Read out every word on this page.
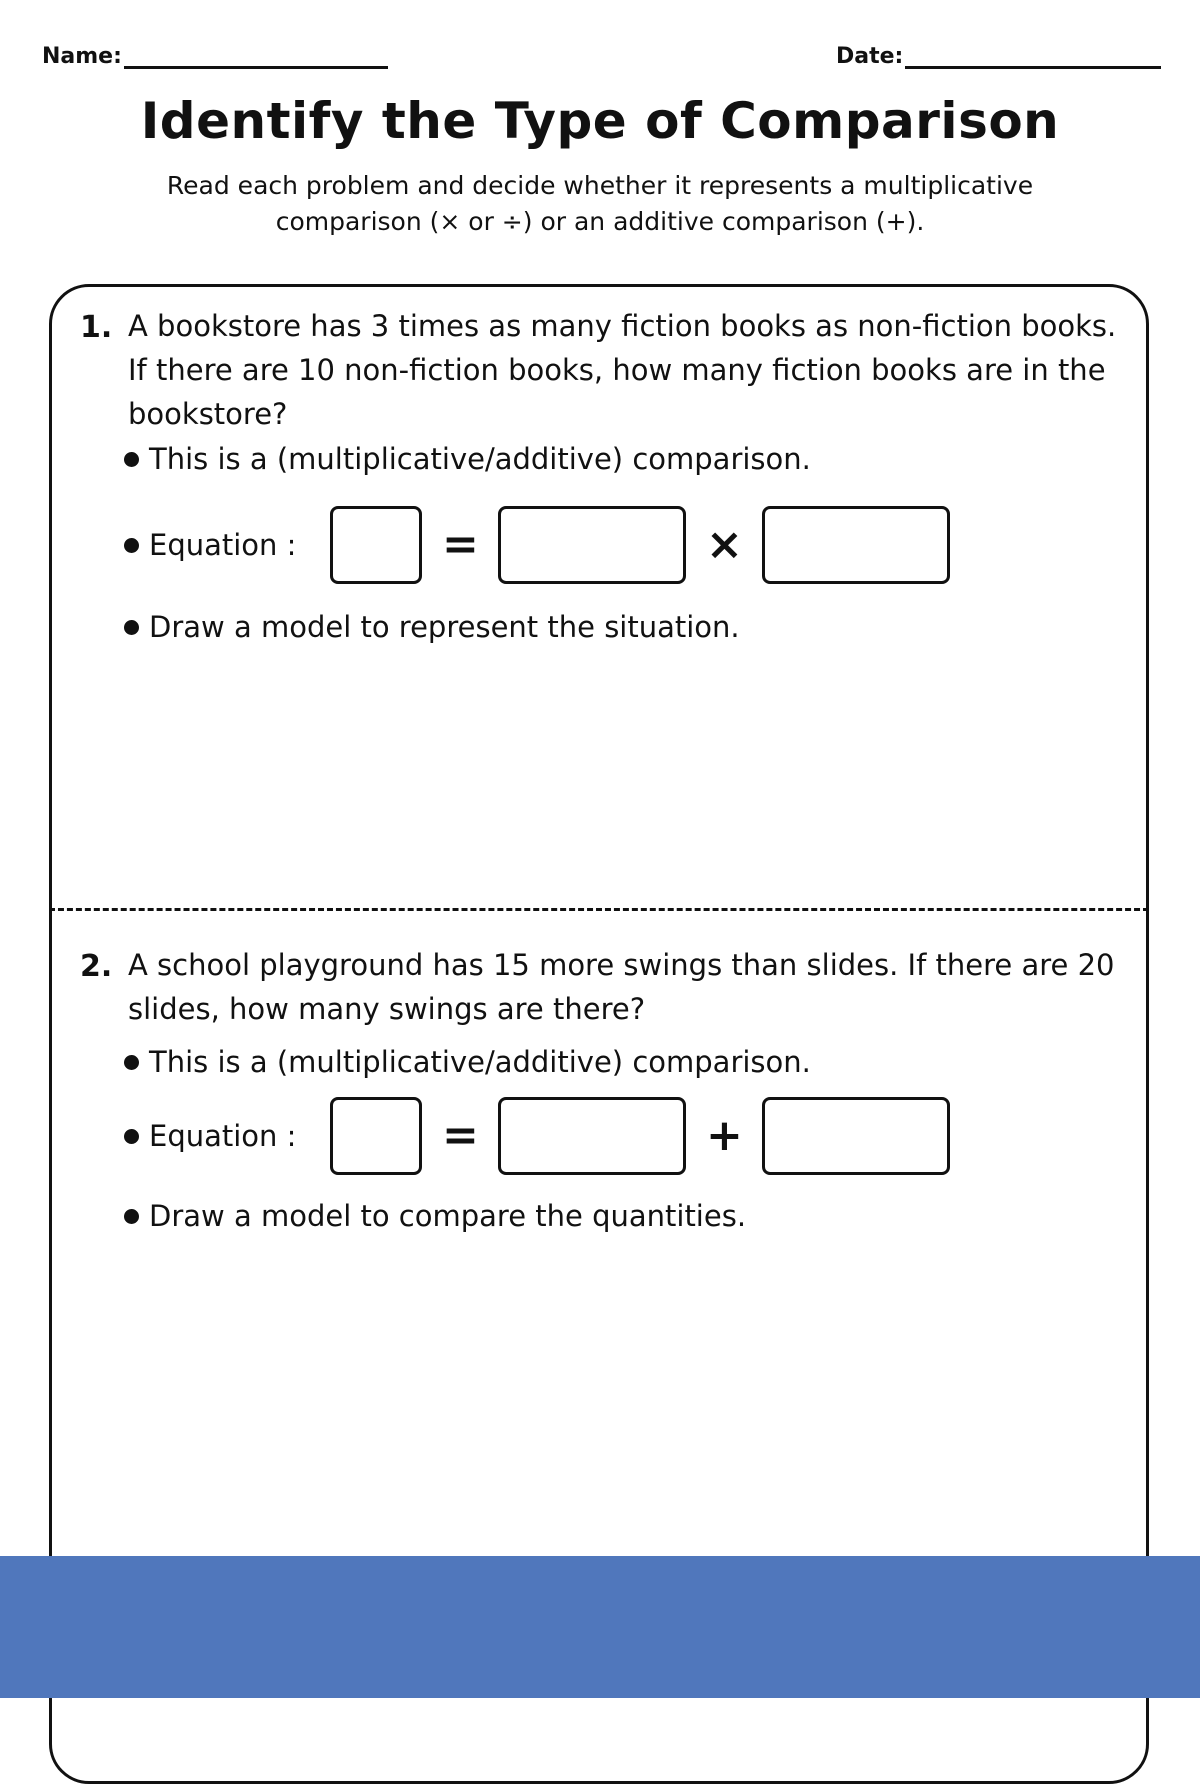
Name:	Date:
Identify the Type of Comparison
Read each problem and decide whether it represents a multiplicative comparison (× or ÷) or an additive comparison (+).
1. A bookstore has 3 times as many fiction books as non-fiction books. If there are 10 non-fiction books, how many fiction books are in the bookstore?
This is a (multiplicative/additive) comparison.
Equation :	=	×
Draw a model to represent the situation.
2. A school playground has 15 more swings than slides. If there are 20 slides, how many swings are there?
This is a (multiplicative/additive) comparison.
Equation :	=	+
Draw a model to compare the quantities.
